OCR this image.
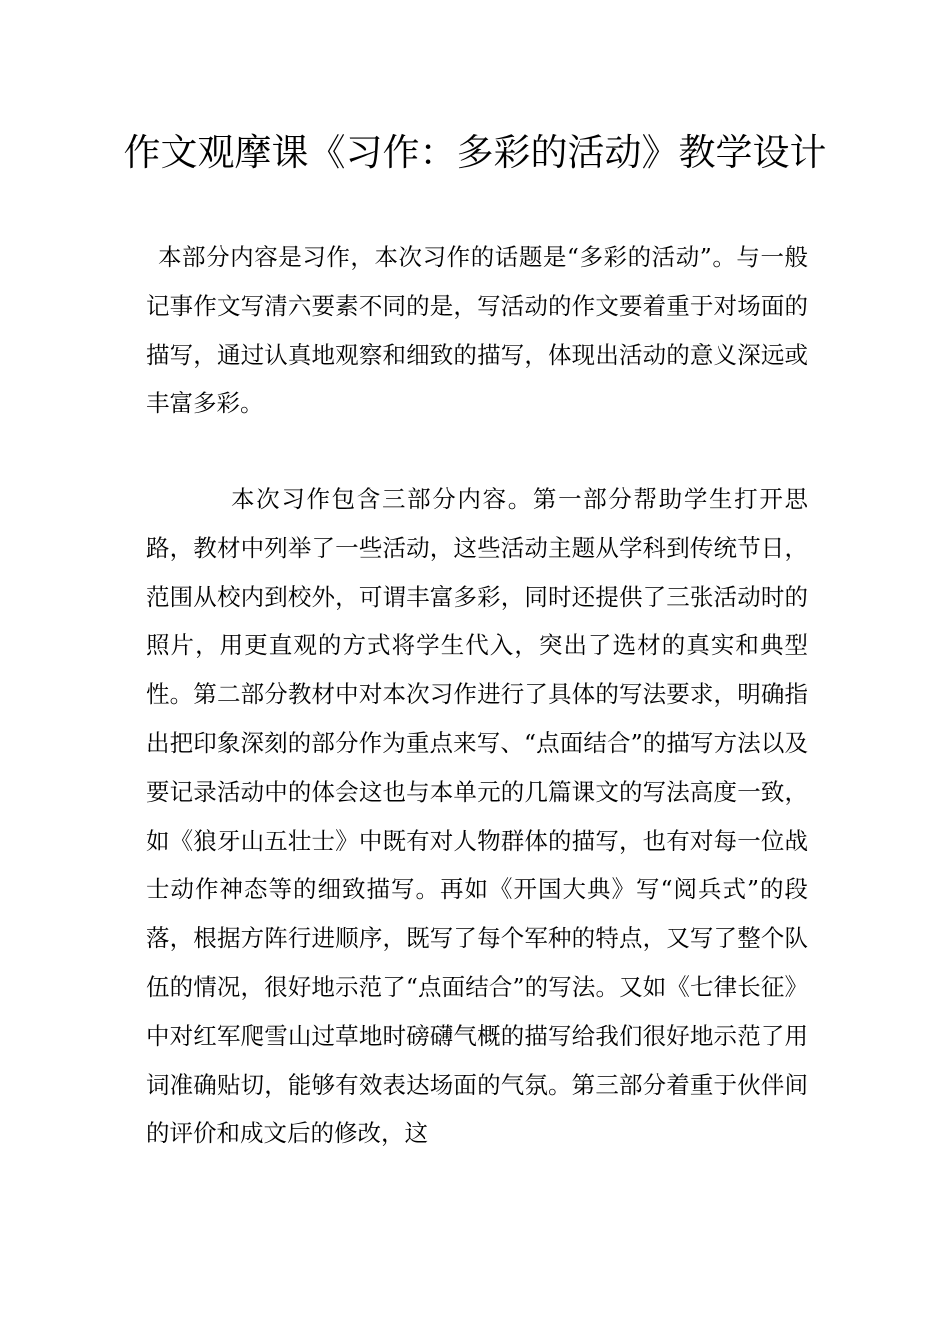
作文观摩课《习作：多彩的活动》教学设计

本部分内容是习作，本次习作的话题是“多彩的活动”。与一般记事作文写清六要素不同的是，写活动的作文要着重于对场面的描写，通过认真地观察和细致的描写，体现出活动的意义深远或丰富多彩。

本次习作包含三部分内容。第一部分帮助学生打开思路，教材中列举了一些活动，这些活动主题从学科到传统节日，范围从校内到校外，可谓丰富多彩，同时还提供了三张活动时的照片，用更直观的方式将学生代入，突出了选材的真实和典型性。第二部分教材中对本次习作进行了具体的写法要求，明确指出把印象深刻的部分作为重点来写、“点面结合”的描写方法以及要记录活动中的体会这也与本单元的几篇课文的写法高度一致，如《狼牙山五壮士》中既有对人物群体的描写，也有对每一位战士动作神态等的细致描写。再如《开国大典》写“阅兵式”的段落，根据方阵行进顺序，既写了每个军种的特点，又写了整个队伍的情况，很好地示范了“点面结合”的写法。又如《七律长征》中对红军爬雪山过草地时磅礴气概的描写给我们很好地示范了用词准确贴切，能够有效表达场面的气氛。第三部分着重于伙伴间的评价和成文后的修改，这
